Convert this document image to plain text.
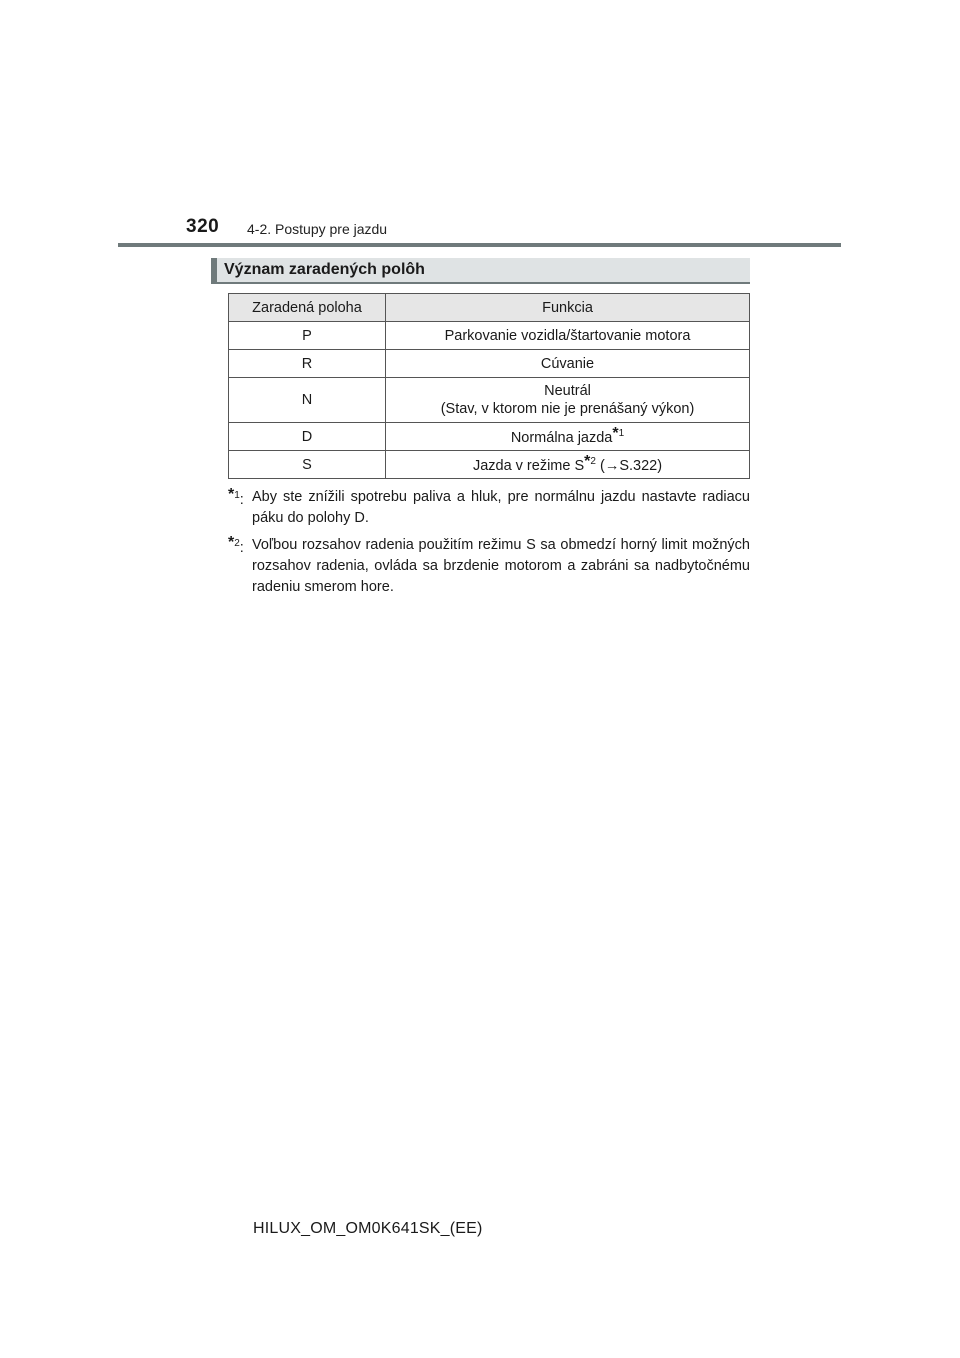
320 4-2. Postupy pre jazdu
Význam zaradených polôh
Zaradená poloha	Funkcia
P	Parkovanie vozidla/štartovanie motora
R	Cúvanie
N	Neutrál
(Stav, v ktorom nie je prenášaný výkon)

D	Normálna jazda*$^1$
S	Jazda v režime S*$^2$ (→S.322)
*$^1$: Aby ste znížili spotrebu paliva a hluk, pre normálnu jazdu nastavte radiacu páku do polohy D.
*$^2$: Voľbou rozsahov radenia použitím režimu S sa obmedzí horný limit možných rozsahov radenia, ovláda sa brzdenie motorom a zabráni sa nadbytočnému radeniu smerom hore.
HILUX_OM_OM0K641SK_(EE)
